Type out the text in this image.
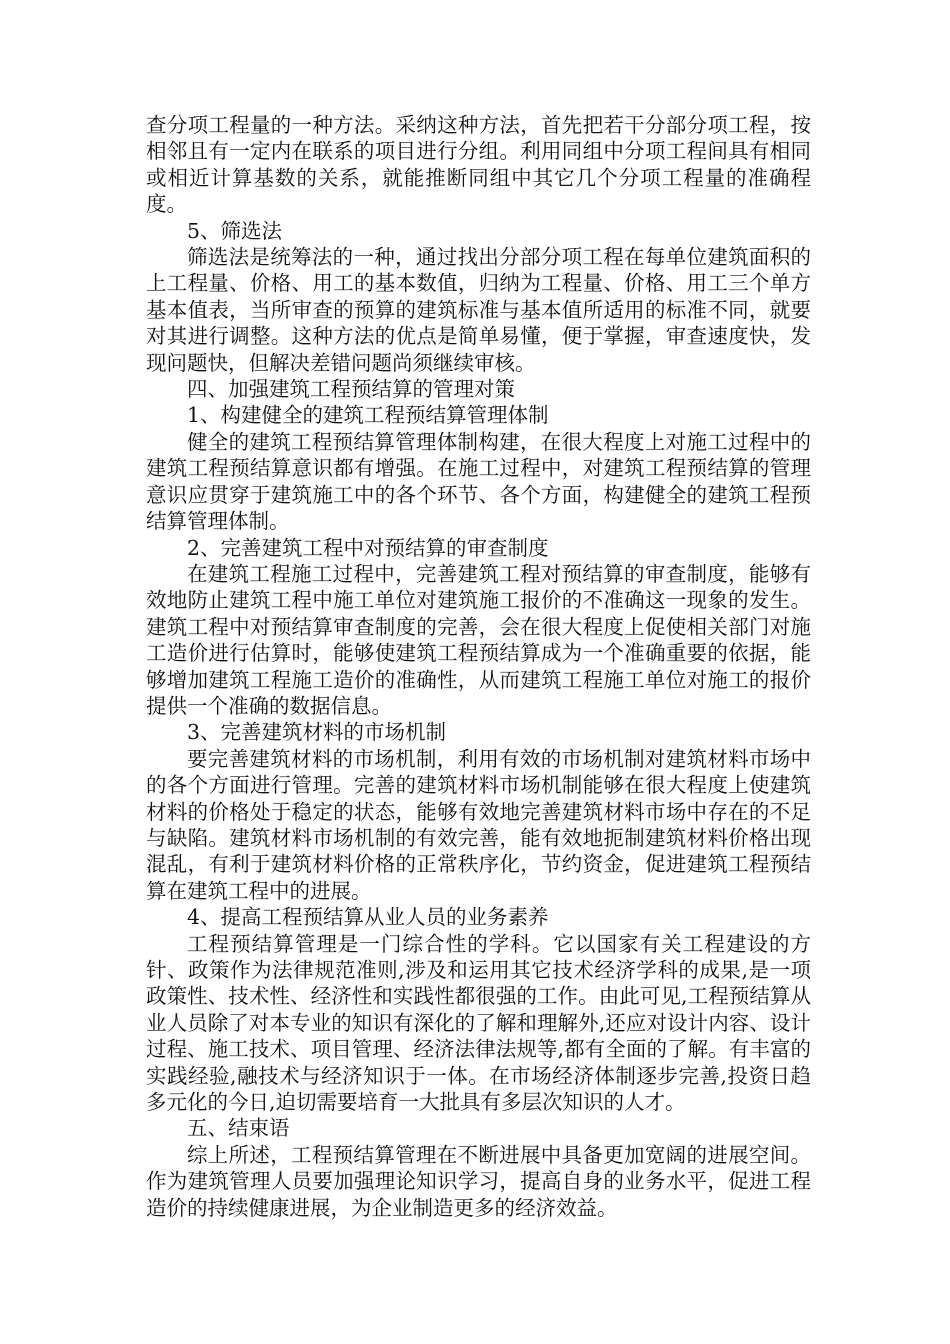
查分项工程量的一种方法。采纳这种方法，首先把若干分部分项工程，按相邻且有一定内在联系的项目进行分组。利用同组中分项工程间具有相同或相近计算基数的关系，就能推断同组中其它几个分项工程量的准确程度。

5、筛选法

筛选法是统筹法的一种，通过找出分部分项工程在每单位建筑面积的上工程量、价格、用工的基本数值，归纳为工程量、价格、用工三个单方基本值表，当所审查的预算的建筑标准与基本值所适用的标准不同，就要对其进行调整。这种方法的优点是简单易懂，便于掌握，审查速度快，发现问题快，但解决差错问题尚须继续审核。

四、加强建筑工程预结算的管理对策

1、构建健全的建筑工程预结算管理体制

健全的建筑工程预结算管理体制构建，在很大程度上对施工过程中的建筑工程预结算意识都有增强。在施工过程中，对建筑工程预结算的管理意识应贯穿于建筑施工中的各个环节、各个方面，构建健全的建筑工程预结算管理体制。

2、完善建筑工程中对预结算的审查制度

在建筑工程施工过程中，完善建筑工程对预结算的审查制度，能够有效地防止建筑工程中施工单位对建筑施工报价的不准确这一现象的发生。建筑工程中对预结算审查制度的完善，会在很大程度上促使相关部门对施工造价进行估算时，能够使建筑工程预结算成为一个准确重要的依据，能够增加建筑工程施工造价的准确性，从而建筑工程施工单位对施工的报价提供一个准确的数据信息。

3、完善建筑材料的市场机制

要完善建筑材料的市场机制，利用有效的市场机制对建筑材料市场中的各个方面进行管理。完善的建筑材料市场机制能够在很大程度上使建筑材料的价格处于稳定的状态，能够有效地完善建筑材料市场中存在的不足与缺陷。建筑材料市场机制的有效完善，能有效地扼制建筑材料价格出现混乱，有利于建筑材料价格的正常秩序化，节约资金，促进建筑工程预结算在建筑工程中的进展。

4、提高工程预结算从业人员的业务素养

工程预结算管理是一门综合性的学科。它以国家有关工程建设的方针、政策作为法律规范准则,涉及和运用其它技术经济学科的成果,是一项政策性、技术性、经济性和实践性都很强的工作。由此可见,工程预结算从业人员除了对本专业的知识有深化的了解和理解外,还应对设计内容、设计过程、施工技术、项目管理、经济法律法规等,都有全面的了解。有丰富的实践经验,融技术与经济知识于一体。在市场经济体制逐步完善,投资日趋多元化的今日,迫切需要培育一大批具有多层次知识的人才。

五、结束语

综上所述，工程预结算管理在不断进展中具备更加宽阔的进展空间。作为建筑管理人员要加强理论知识学习，提高自身的业务水平，促进工程造价的持续健康进展，为企业制造更多的经济效益。
